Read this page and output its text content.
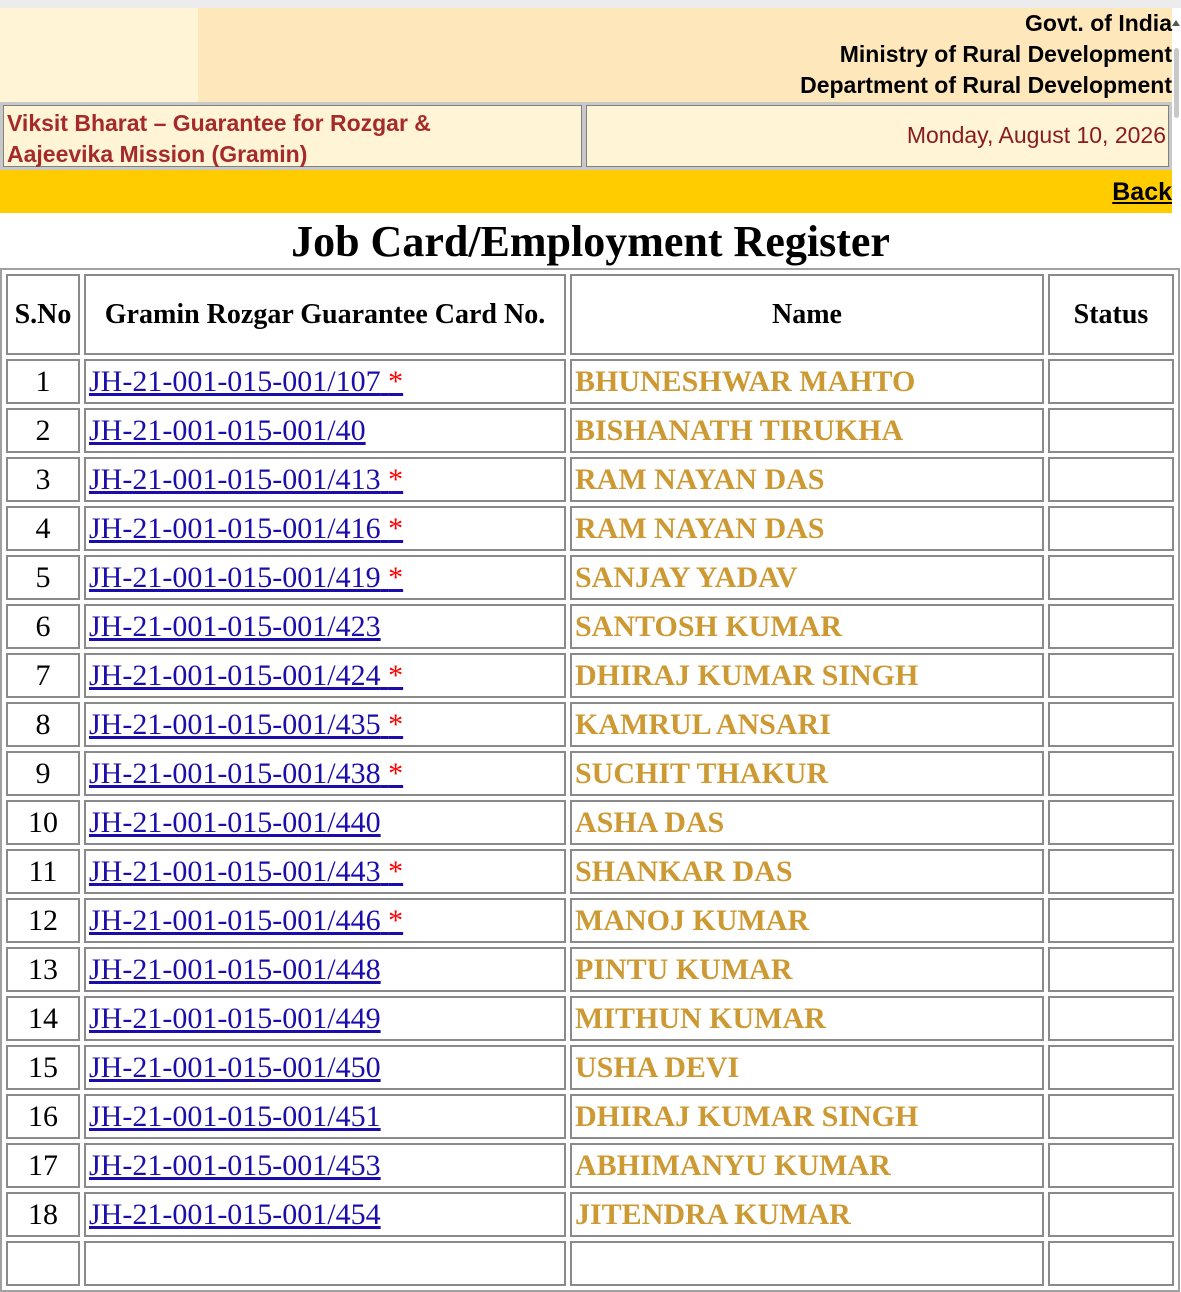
Govt. of India
Ministry of Rural Development
Department of Rural Development
Viksit Bharat – Guarantee for Rozgar &
Aajeevika Mission (Gramin)
Monday, August 10, 2026
Back
Job Card/Employment Register
S.No	Gramin Rozgar Guarantee Card No.	Name	Status
1	JH-21-001-015-001/107 *	BHUNESHWAR MAHTO	
2	JH-21-001-015-001/40	BISHANATH TIRUKHA	
3	JH-21-001-015-001/413 *	RAM NAYAN DAS	
4	JH-21-001-015-001/416 *	RAM NAYAN DAS	
5	JH-21-001-015-001/419 *	SANJAY YADAV	
6	JH-21-001-015-001/423	SANTOSH KUMAR	
7	JH-21-001-015-001/424 *	DHIRAJ KUMAR SINGH	
8	JH-21-001-015-001/435 *	KAMRUL ANSARI	
9	JH-21-001-015-001/438 *	SUCHIT THAKUR	
10	JH-21-001-015-001/440	ASHA DAS	
11	JH-21-001-015-001/443 *	SHANKAR DAS	
12	JH-21-001-015-001/446 *	MANOJ KUMAR	
13	JH-21-001-015-001/448	PINTU KUMAR	
14	JH-21-001-015-001/449	MITHUN KUMAR	
15	JH-21-001-015-001/450	USHA DEVI	
16	JH-21-001-015-001/451	DHIRAJ KUMAR SINGH	
17	JH-21-001-015-001/453	ABHIMANYU KUMAR	
18	JH-21-001-015-001/454	JITENDRA KUMAR	
